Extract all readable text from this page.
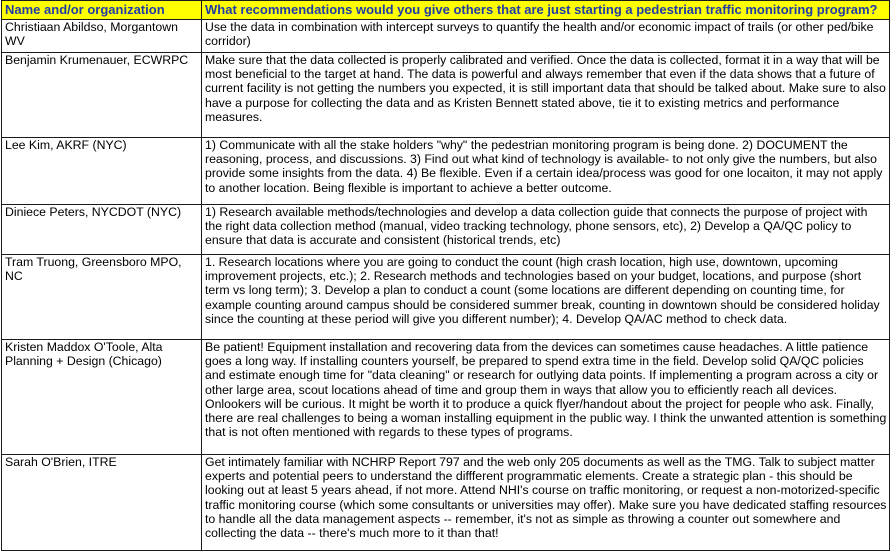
Name and/or organization	What recommendations would you give others that are just starting a pedestrian traffic monitoring program?
Christiaan Abildso, Morgantown WV	Use the data in combination with intercept surveys to quantify the health and/or economic impact of trails (or other ped/bike corridor)
Benjamin Krumenauer, ECWRPC	Make sure that the data collected is properly calibrated and verified. Once the data is collected, format it in a way that will be most beneficial to the target at hand. The data is powerful and always remember that even if the data shows that a future of current facility is not getting the numbers you expected, it is still important data that should be talked about. Make sure to also have a purpose for collecting the data and as Kristen Bennett stated above, tie it to existing metrics and performance measures.
Lee Kim, AKRF (NYC)	1) Communicate with all the stake holders "why" the pedestrian monitoring program is being done. 2) DOCUMENT the reasoning, process, and discussions. 3) Find out what kind of technology is available- to not only give the numbers, but also provide some insights from the data. 4) Be flexible. Even if a certain idea/process was good for one locaiton, it may not apply to another location. Being flexible is important to achieve a better outcome.
Diniece Peters, NYCDOT (NYC)	1) Research available methods/technologies and develop a data collection guide that connects the purpose of project with the right data collection method (manual, video tracking technology, phone sensors, etc), 2) Develop a QA/QC policy to ensure that data is accurate and consistent (historical trends, etc)
Tram Truong, Greensboro MPO, NC	1. Research locations where you are going to conduct the count (high crash location, high use, downtown, upcoming improvement projects, etc.); 2. Research methods and technologies based on your budget, locations, and purpose (short term vs long term); 3. Develop a plan to conduct a count (some locations are different depending on counting time, for example counting around campus should be considered summer break, counting in downtown should be considered holiday since the counting at these period will give you different number); 4. Develop QA/AC method to check data.
Kristen Maddox O'Toole, Alta Planning + Design (Chicago)	Be patient! Equipment installation and recovering data from the devices can sometimes cause headaches. A little patience goes a long way. If installing counters yourself, be prepared to spend extra time in the field. Develop solid QA/QC policies and estimate enough time for "data cleaning" or research for outlying data points. If implementing a program across a city or other large area, scout locations ahead of time and group them in ways that allow you to efficiently reach all devices. Onlookers will be curious. It might be worth it to produce a quick flyer/handout about the project for people who ask. Finally, there are real challenges to being a woman installing equipment in the public way. I think the unwanted attention is something that is not often mentioned with regards to these types of programs.
Sarah O'Brien, ITRE	Get intimately familiar with NCHRP Report 797 and the web only 205 documents as well as the TMG. Talk to subject matter experts and potential peers to understand the diffferent programmatic elements. Create a strategic plan - this should be looking out at least 5 years ahead, if not more. Attend NHI's course on traffic monitoring, or request a non-motorized-specific traffic monitoring course (which some consultants or universities may offer). Make sure you have dedicated staffing resources to handle all the data management aspects -- remember, it's not as simple as throwing a counter out somewhere and collecting the data -- there's much more to it than that!
